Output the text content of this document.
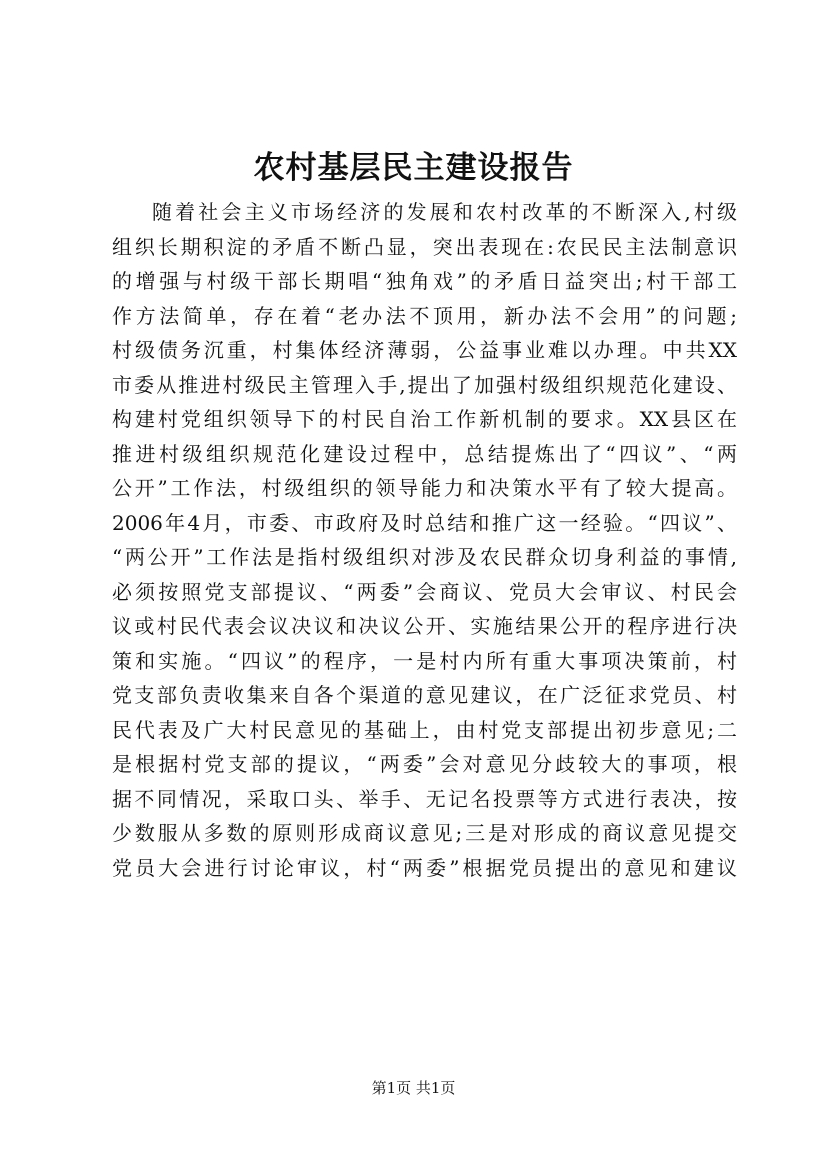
农村基层民主建设报告
随着社会主义市场经济的发展和农村改革的不断深入,村级
组织长期积淀的矛盾不断凸显，突出表现在:农民民主法制意识
的增强与村级干部长期唱“独角戏”的矛盾日益突出;村干部工
作方法简单，存在着“老办法不顶用，新办法不会用”的问题;
村级债务沉重，村集体经济薄弱，公益事业难以办理。中共XX
市委从推进村级民主管理入手,提出了加强村级组织规范化建设、
构建村党组织领导下的村民自治工作新机制的要求。XX县区在
推进村级组织规范化建设过程中，总结提炼出了“四议”、“两
公开”工作法，村级组织的领导能力和决策水平有了较大提高。
2006年4月，市委、市政府及时总结和推广这一经验。“四议”、
“两公开”工作法是指村级组织对涉及农民群众切身利益的事情,
必须按照党支部提议、“两委”会商议、党员大会审议、村民会
议或村民代表会议决议和决议公开、实施结果公开的程序进行决
策和实施。“四议”的程序，一是村内所有重大事项决策前，村
党支部负责收集来自各个渠道的意见建议，在广泛征求党员、村
民代表及广大村民意见的基础上，由村党支部提出初步意见;二
是根据村党支部的提议，“两委”会对意见分歧较大的事项，根
据不同情况，采取口头、举手、无记名投票等方式进行表决，按
少数服从多数的原则形成商议意见;三是对形成的商议意见提交
党员大会进行讨论审议，村“两委”根据党员提出的意见和建议
第1页 共1页
